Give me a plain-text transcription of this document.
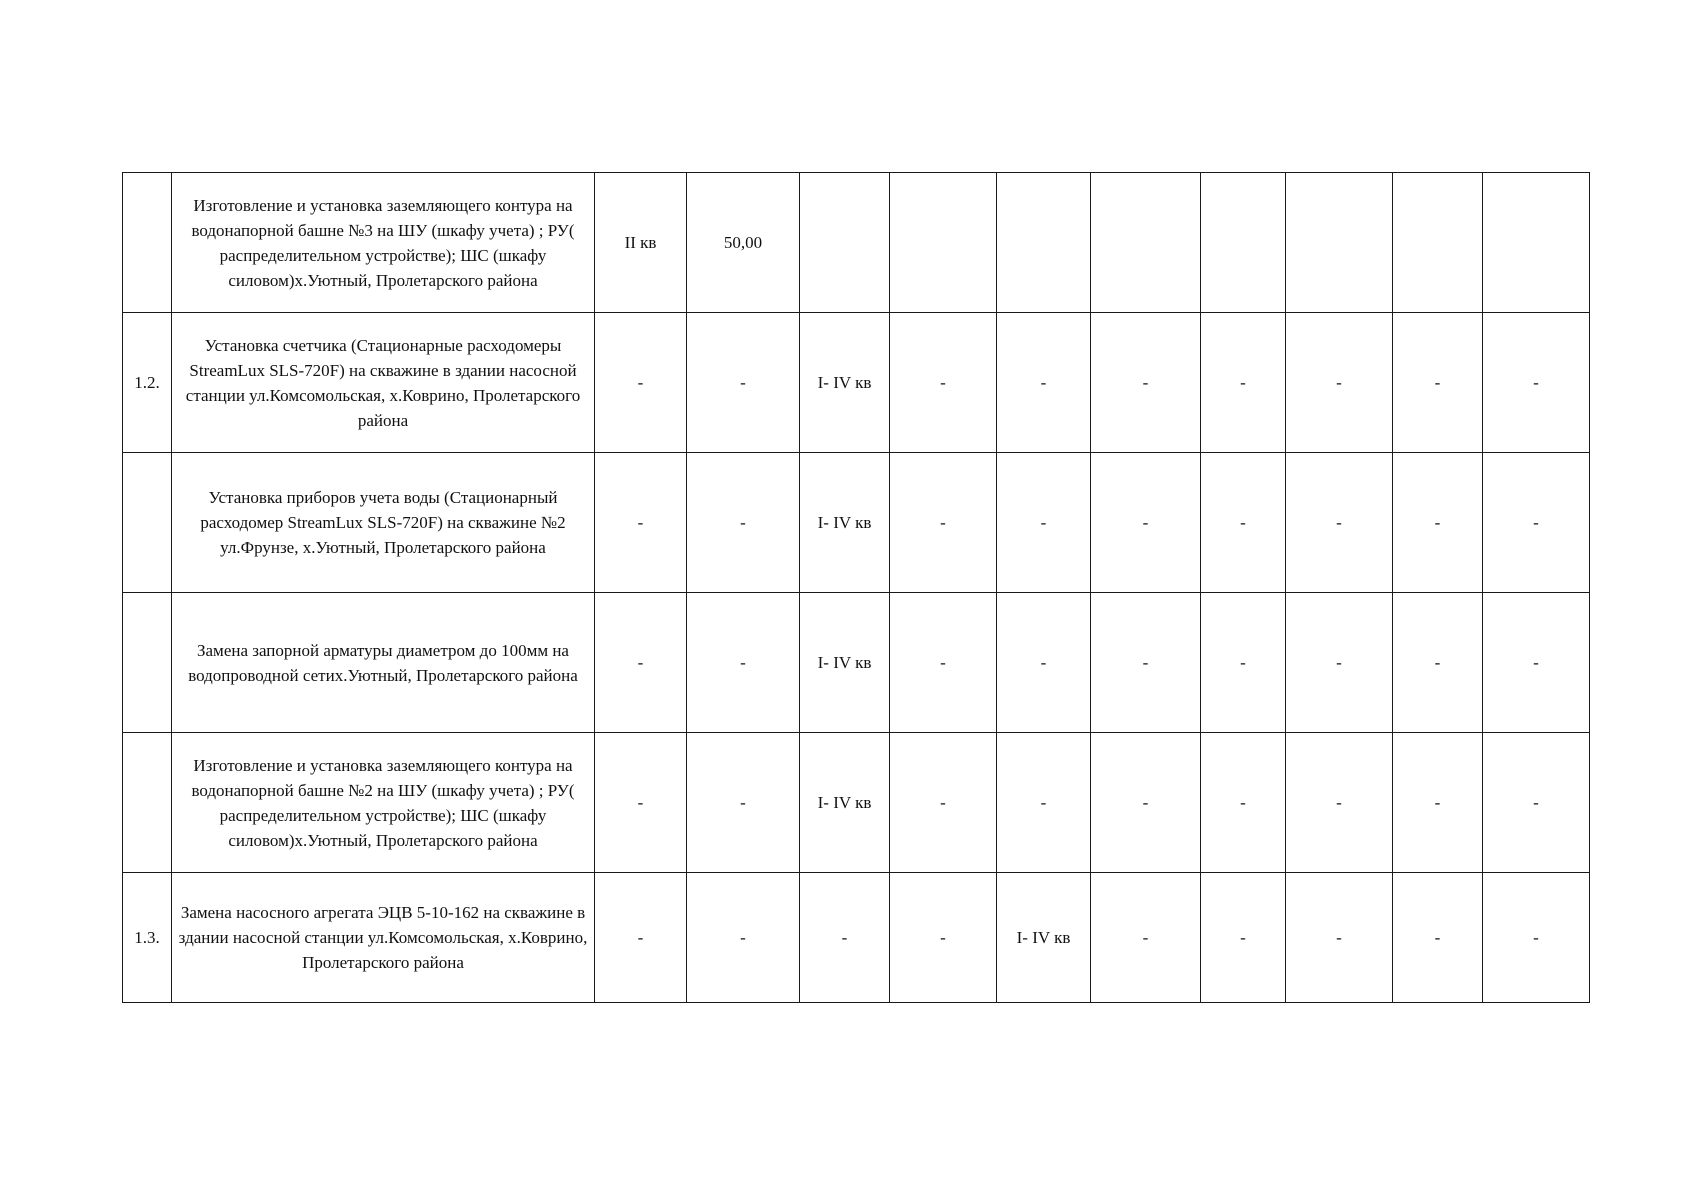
	Изготовление и установка заземляющего контура на водонапорной башне №3 на ШУ (шкафу учета) ; РУ( распределительном устройстве); ШС (шкафу силовом)х.Уютный, Пролетарского района	II кв	50,00								
1.2.	Установка счетчика (Стационарные расходомеры StreamLux SLS-720F) на скважине в здании насосной станции ул.Комсомольская, х.Коврино, Пролетарского района	-	-	I- IV кв	-	-	-	-	-	-	-
	Установка приборов учета воды (Стационарный расходомер StreamLux SLS-720F) на скважине №2 ул.Фрунзе, х.Уютный, Пролетарского района	-	-	I- IV кв	-	-	-	-	-	-	-
	Замена запорной арматуры диаметром до 100мм на водопроводной сетих.Уютный, Пролетарского района	-	-	I- IV кв	-	-	-	-	-	-	-
	Изготовление и установка заземляющего контура на водонапорной башне №2 на ШУ (шкафу учета) ; РУ( распределительном устройстве); ШС (шкафу силовом)х.Уютный, Пролетарского района	-	-	I- IV кв	-	-	-	-	-	-	-
1.3.	Замена насосного агрегата ЭЦВ 5-10-162 на скважине в здании насосной станции ул.Комсомольская, х.Коврино, Пролетарского района	-	-	-	-	I- IV кв	-	-	-	-	-
